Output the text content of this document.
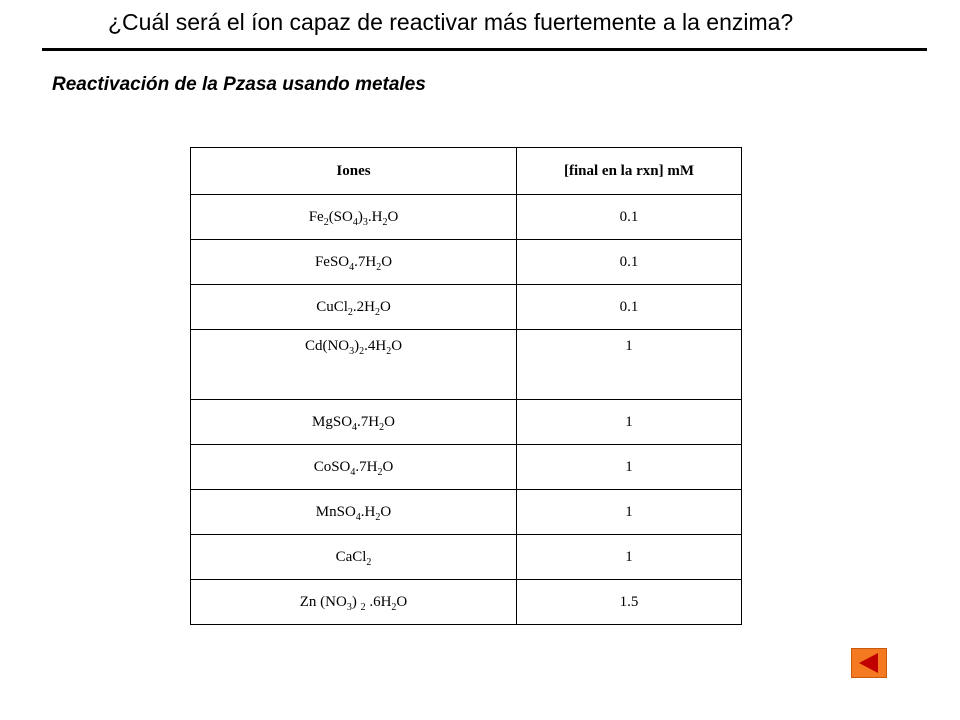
¿Cuál será el íon capaz de reactivar más fuertemente a la enzima?
Reactivación de la Pzasa usando metales
Iones	[final en la rxn] mM
$Fe_2(SO_4)_3.H_2O$	0.1
$FeSO_4.7H_2O$	0.1
$CuCl_2.2H_2O$	0.1
$Cd(NO_3)_2.4H_2O$	1
$MgSO_4.7H_2O$	1
$CoSO_4.7H_2O$	1
$MnSO_4.H_2O$	1
CaCl$_2$	1
Zn $(NO_3)$ $_2$ $.6H_2O$	1.5
